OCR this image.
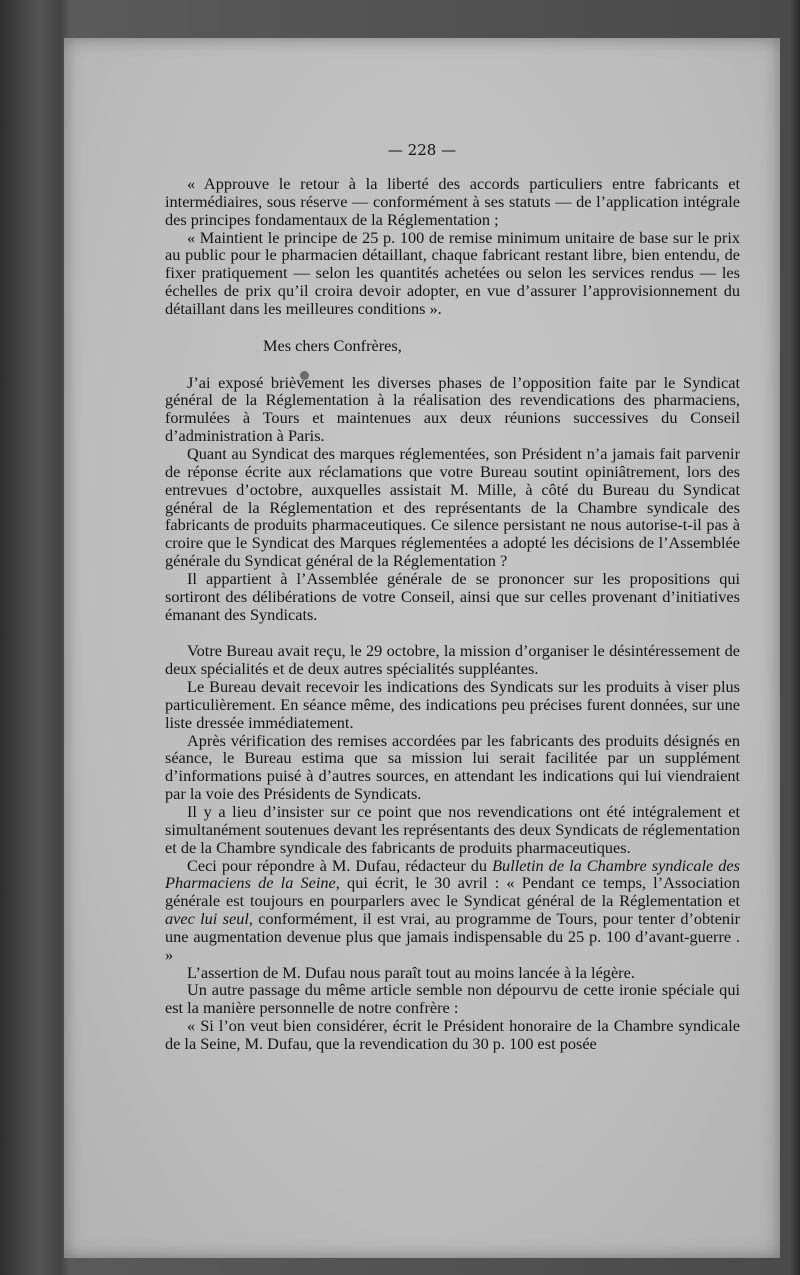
— 228 —

« Approuve le retour à la liberté des accords particuliers entre fabricants et intermédiaires, sous réserve — conformément à ses statuts — de l’application intégrale des principes fondamentaux de la Réglementation ;

« Maintient le principe de 25 p. 100 de remise minimum unitaire de base sur le prix au public pour le pharmacien détaillant, chaque fabricant restant libre, bien entendu, de fixer pratiquement — selon les quantités achetées ou selon les services rendus — les échelles de prix qu’il croira devoir adopter, en vue d’assurer l’approvisionnement du détaillant dans les meilleures conditions ».

Mes chers Confrères,

J’ai exposé brièvement les diverses phases de l’opposition faite par le Syndicat général de la Réglementation à la réalisation des revendications des pharmaciens, formulées à Tours et maintenues aux deux réunions successives du Conseil d’administration à Paris.

Quant au Syndicat des marques réglementées, son Président n’a jamais fait parvenir de réponse écrite aux réclamations que votre Bureau soutint opiniâtrement, lors des entrevues d’octobre, auxquelles assistait M. Mille, à côté du Bureau du Syndicat général de la Réglementation et des représentants de la Chambre syndicale des fabricants de produits pharmaceutiques. Ce silence persistant ne nous autorise-t-il pas à croire que le Syndicat des Marques réglementées a adopté les décisions de l’Assemblée générale du Syndicat général de la Réglementation ?

Il appartient à l’Assemblée générale de se prononcer sur les propositions qui sortiront des délibérations de votre Conseil, ainsi que sur celles provenant d’initiatives émanant des Syndicats.

Votre Bureau avait reçu, le 29 octobre, la mission d’organiser le désintéressement de deux spécialités et de deux autres spécialités suppléantes.

Le Bureau devait recevoir les indications des Syndicats sur les produits à viser plus particulièrement. En séance même, des indications peu précises furent données, sur une liste dressée immédiatement.

Après vérification des remises accordées par les fabricants des produits désignés en séance, le Bureau estima que sa mission lui serait facilitée par un supplément d’informations puisé à d’autres sources, en attendant les indications qui lui viendraient par la voie des Présidents de Syndicats.

Il y a lieu d’insister sur ce point que nos revendications ont été intégralement et simultanément soutenues devant les représentants des deux Syndicats de réglementation et de la Chambre syndicale des fabricants de produits pharmaceutiques.

Ceci pour répondre à M. Dufau, rédacteur du Bulletin de la Chambre syndicale des Pharmaciens de la Seine, qui écrit, le 30 avril : « Pendant ce temps, l’Association générale est toujours en pourparlers avec le Syndicat général de la Réglementation et avec lui seul, conformément, il est vrai, au programme de Tours, pour tenter d’obtenir une augmentation devenue plus que jamais indispensable du 25 p. 100 d’avant-guerre . »

L’assertion de M. Dufau nous paraît tout au moins lancée à la légère.

Un autre passage du même article semble non dépourvu de cette ironie spéciale qui est la manière personnelle de notre confrère :

« Si l’on veut bien considérer, écrit le Président honoraire de la Chambre syndicale de la Seine, M. Dufau, que la revendication du 30 p. 100 est posée
